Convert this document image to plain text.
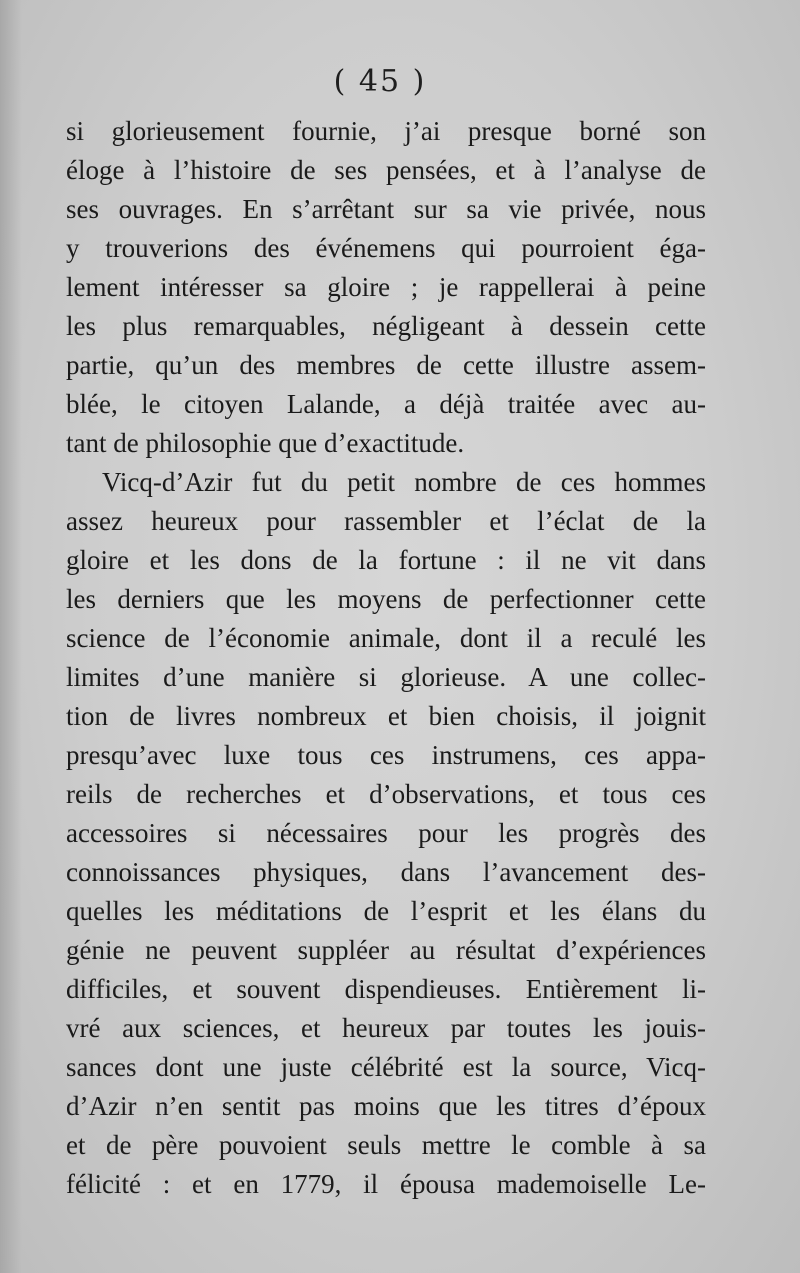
( 45 )
si glorieusement fournie, j’ai presque borné son
éloge à l’histoire de ses pensées, et à l’analyse de
ses ouvrages. En s’arrêtant sur sa vie privée, nous
y trouverions des événemens qui pourroient éga-
lement intéresser sa gloire ; je rappellerai à peine
les plus remarquables, négligeant à dessein cette
partie, qu’un des membres de cette illustre assem-
blée, le citoyen Lalande, a déjà traitée avec au-
tant de philosophie que d’exactitude.
Vicq-d’Azir fut du petit nombre de ces hommes
assez heureux pour rassembler et l’éclat de la
gloire et les dons de la fortune : il ne vit dans
les derniers que les moyens de perfectionner cette
science de l’économie animale, dont il a reculé les
limites d’une manière si glorieuse. A une collec-
tion de livres nombreux et bien choisis, il joignit
presqu’avec luxe tous ces instrumens, ces appa-
reils de recherches et d’observations, et tous ces
accessoires si nécessaires pour les progrès des
connoissances physiques, dans l’avancement des-
quelles les méditations de l’esprit et les élans du
génie ne peuvent suppléer au résultat d’expériences
difficiles, et souvent dispendieuses. Entièrement li-
vré aux sciences, et heureux par toutes les jouis-
sances dont une juste célébrité est la source, Vicq-
d’Azir n’en sentit pas moins que les titres d’époux
et de père pouvoient seuls mettre le comble à sa
félicité : et en 1779, il épousa mademoiselle Le-
